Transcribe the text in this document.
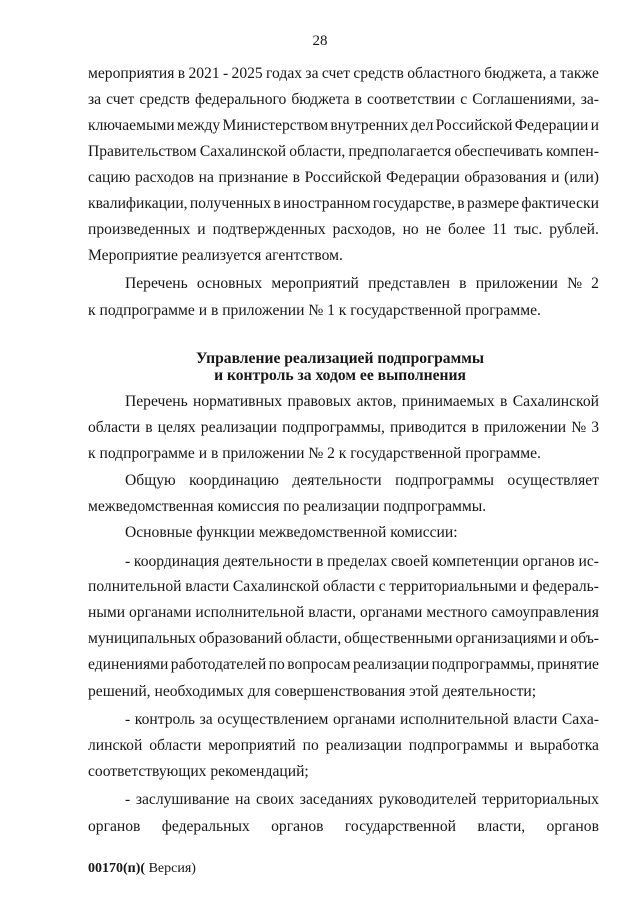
28
мероприятия в 2021 - 2025 годах за счет средств областного бюджета, а также
за счет средств федерального бюджета в соответствии с Соглашениями, за-
ключаемыми между Министерством внутренних дел Российской Федерации и
Правительством Сахалинской области, предполагается обеспечивать компен-
сацию расходов на признание в Российской Федерации образования и (или)
квалификации, полученных в иностранном государстве, в размере фактически
произведенных и подтвержденных расходов, но не более 11 тыс. рублей.
Мероприятие реализуется агентством.
Перечень основных мероприятий представлен в приложении № 2
к подпрограмме и в приложении № 1 к государственной программе.
Управление реализацией подпрограммы
и контроль за ходом ее выполнения
Перечень нормативных правовых актов, принимаемых в Сахалинской
области в целях реализации подпрограммы, приводится в приложении № 3
к подпрограмме и в приложении № 2 к государственной программе.
Общую координацию деятельности подпрограммы осуществляет
межведомственная комиссия по реализации подпрограммы.
Основные функции межведомственной комиссии:
- координация деятельности в пределах своей компетенции органов ис-
полнительной власти Сахалинской области с территориальными и федераль-
ными органами исполнительной власти, органами местного самоуправления
муниципальных образований области, общественными организациями и объ-
единениями работодателей по вопросам реализации подпрограммы, принятие
решений, необходимых для совершенствования этой деятельности;
- контроль за осуществлением органами исполнительной власти Саха-
линской области мероприятий по реализации подпрограммы и выработка
соответствующих рекомендаций;
- заслушивание на своих заседаниях руководителей территориальных
органов федеральных органов государственной власти, органов
00170(п)( Версия)
